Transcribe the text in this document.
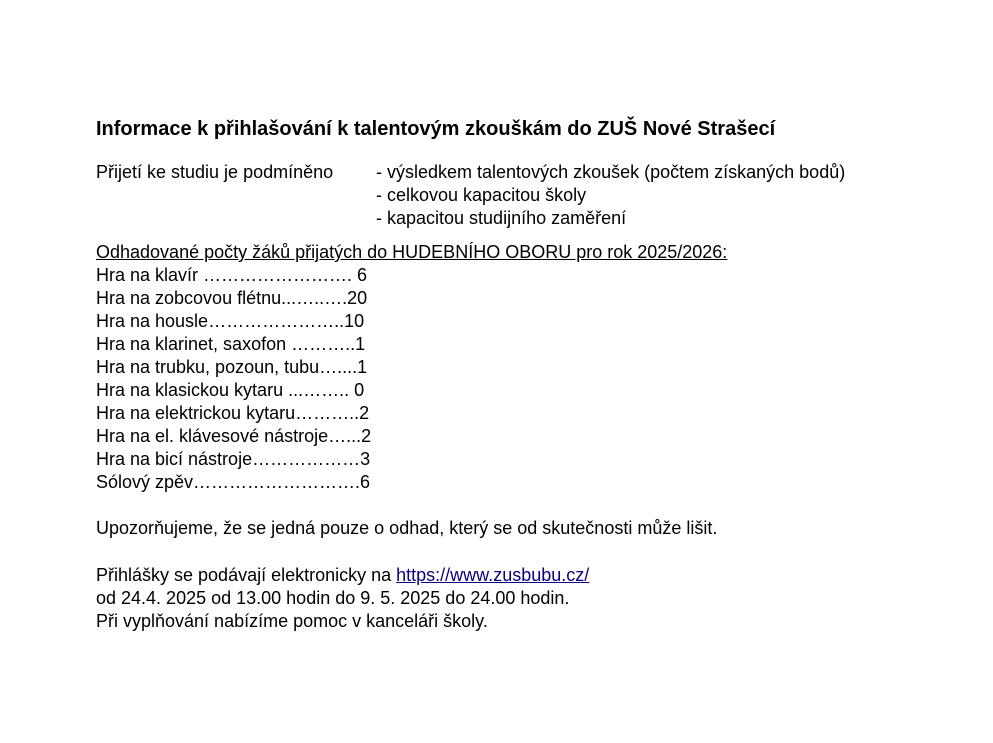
Informace k přihlašování k talentovým zkouškám do ZUŠ Nové Strašecí
Přijetí ke studiu je podmíněno	- výsledkem talentových zkoušek (počtem získaných bodů)
- celkovou kapacitou školy
- kapacitou studijního zaměření
Odhadované počty žáků přijatých do HUDEBNÍHO OBORU pro rok 2025/2026:
Hra na klavír ……………………. 6
Hra na zobcovou flétnu...…..….20
Hra na housle…………………..10
Hra na klarinet, saxofon ………..1
Hra na trubku, pozoun, tubu…....1
Hra na klasickou kytaru ...…….. 0
Hra na elektrickou kytaru………..2
Hra na el. klávesové nástroje…...2
Hra na bicí nástroje………………3
Sólový zpěv……………………….6
Upozorňujeme, že se jedná pouze o odhad, který se od skutečnosti může lišit.
Přihlášky se podávají elektronicky na https://www.zusbubu.cz/
od 24.4. 2025 od 13.00 hodin do 9. 5. 2025 do 24.00 hodin.
Při vyplňování nabízíme pomoc v kanceláři školy.
